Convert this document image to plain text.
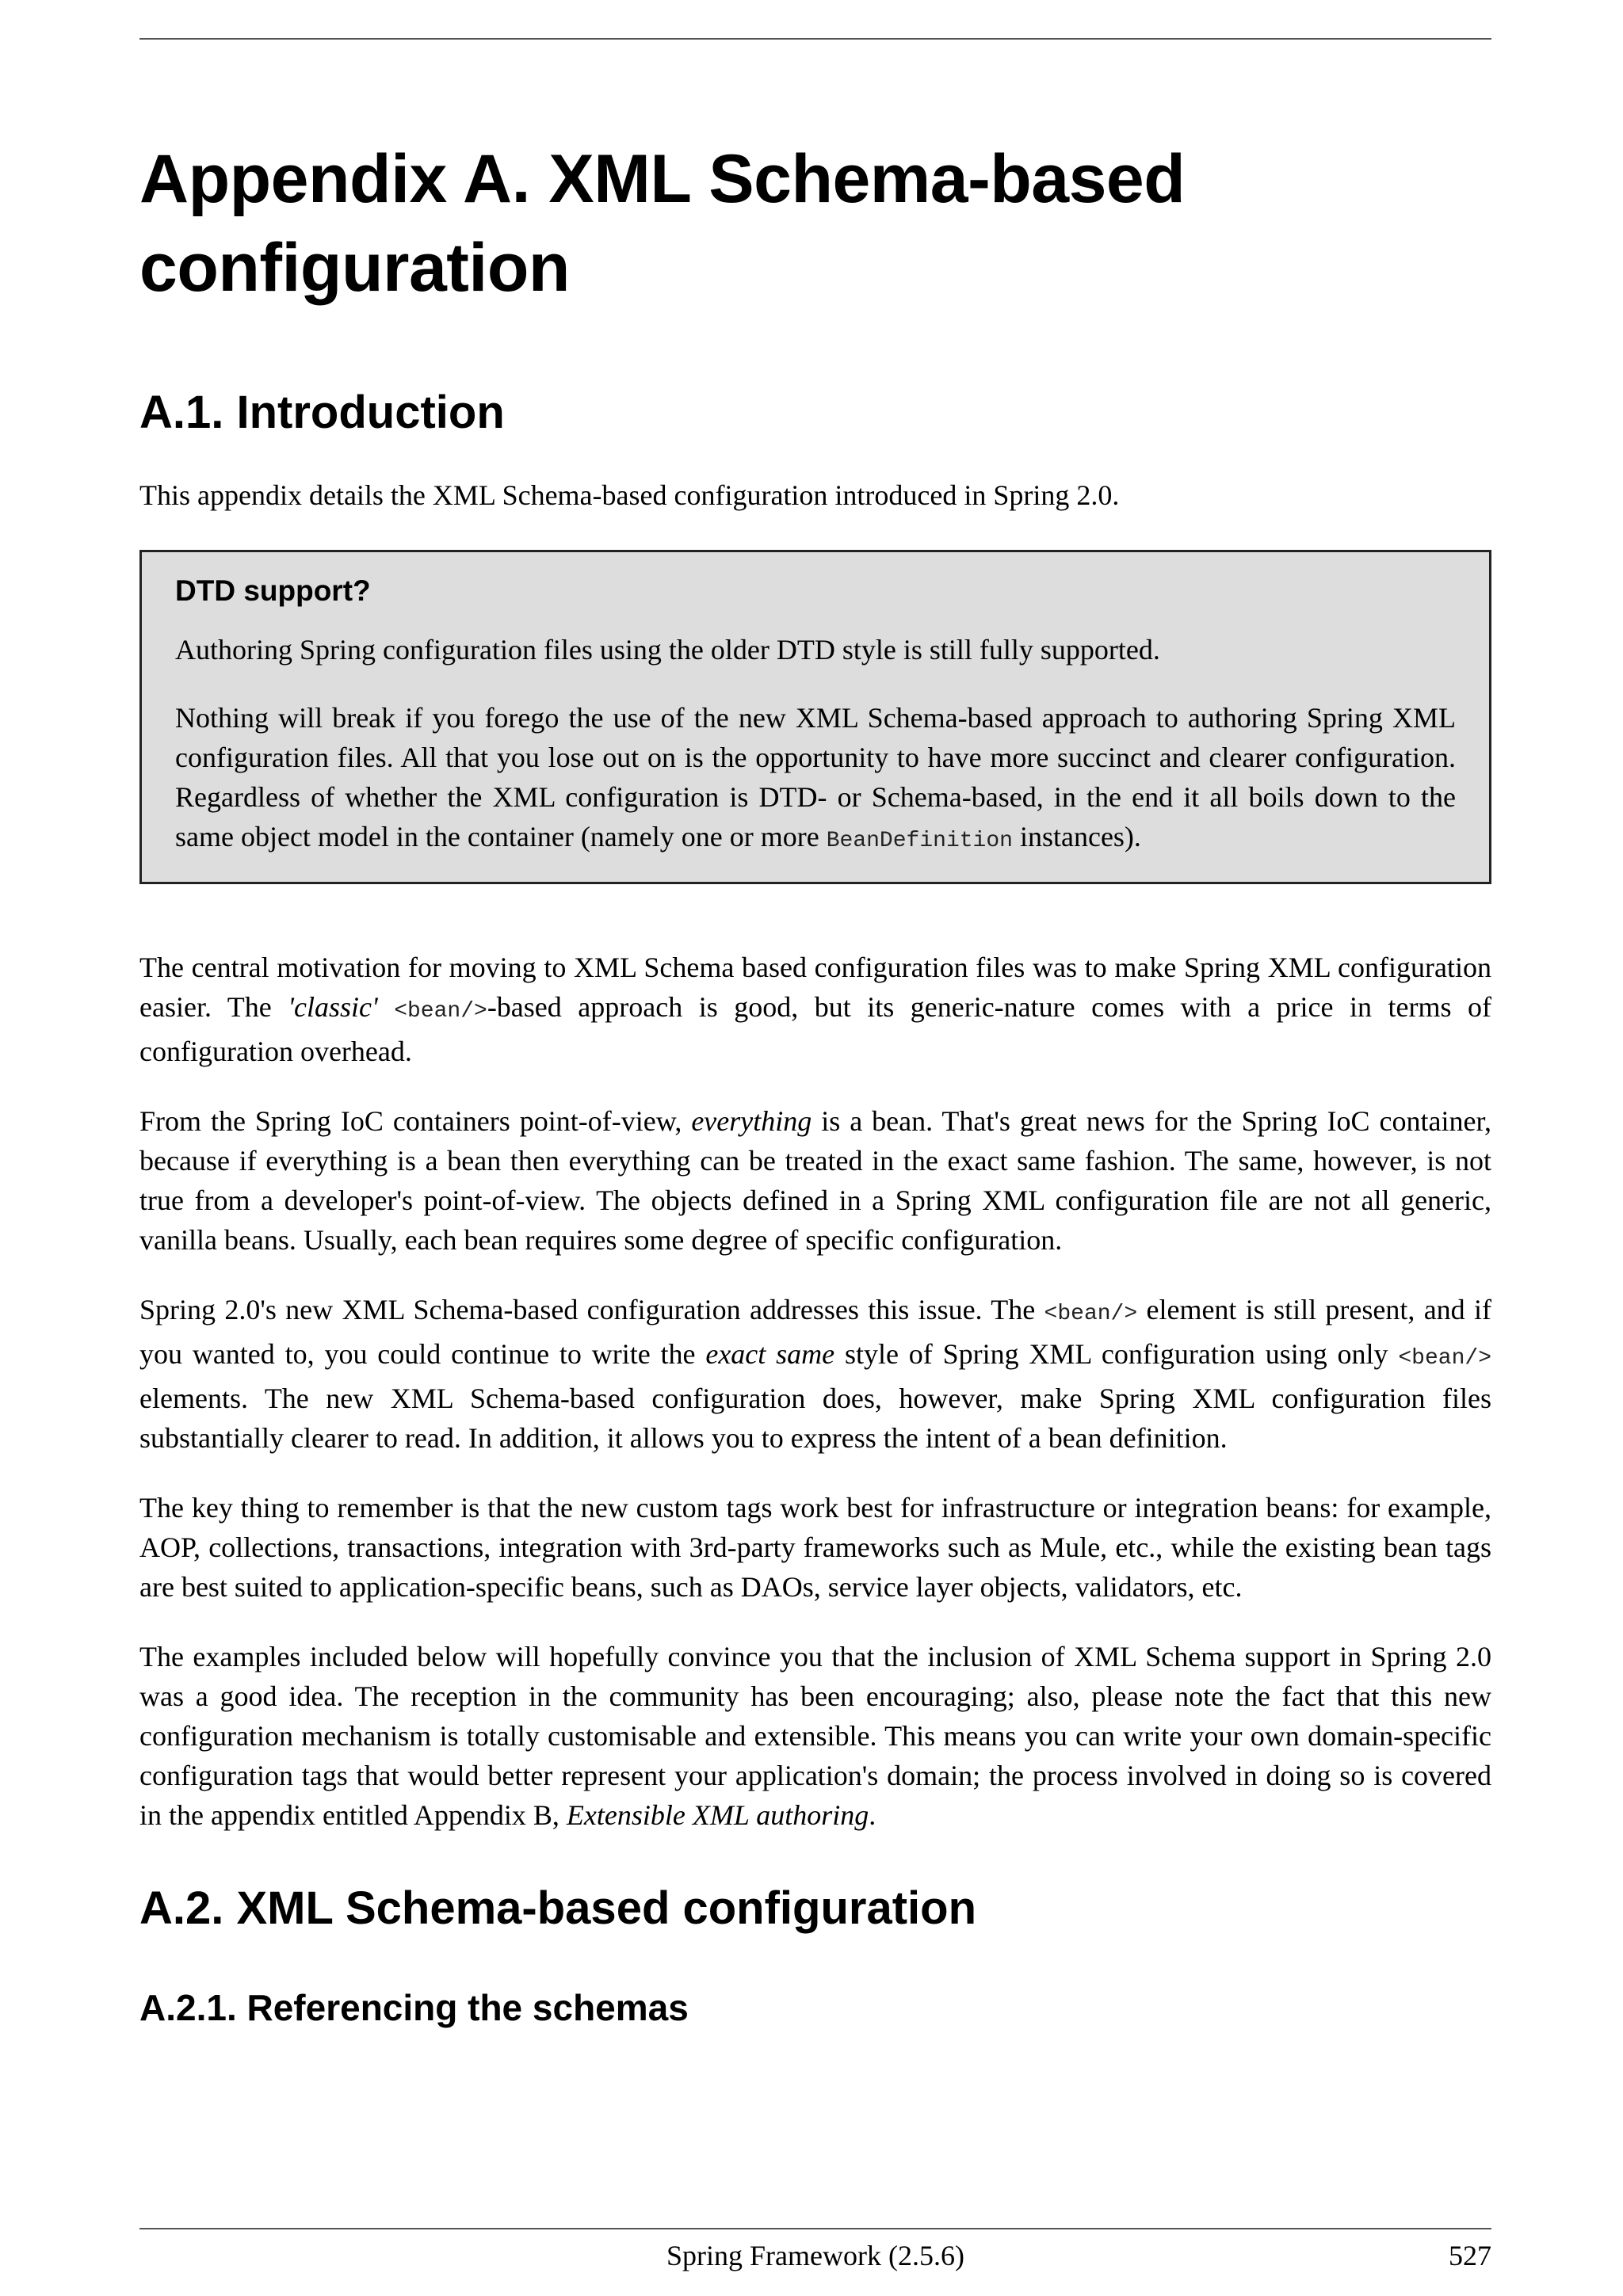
Appendix A. XML Schema-based
configuration
A.1. Introduction

This appendix details the XML Schema-based configuration introduced in Spring 2.0.

DTD support?

Authoring Spring configuration files using the older DTD style is still fully supported.

Nothing will break if you forego the use of the new XML Schema-based approach to authoring Spring XML configuration files. All that you lose out on is the opportunity to have more succinct and clearer configuration. Regardless of whether the XML configuration is DTD- or Schema-based, in the end it all boils down to the same object model in the container (namely one or more BeanDefinition instances).

The central motivation for moving to XML Schema based configuration files was to make Spring XML configuration easier. The 'classic' <bean/>-based approach is good, but its generic-nature comes with a price in terms of configuration overhead.

From the Spring IoC containers point-of-view, everything is a bean. That's great news for the Spring IoC container, because if everything is a bean then everything can be treated in the exact same fashion. The same, however, is not true from a developer's point-of-view. The objects defined in a Spring XML configuration file are not all generic, vanilla beans. Usually, each bean requires some degree of specific configuration.

Spring 2.0's new XML Schema-based configuration addresses this issue. The <bean/> element is still present, and if you wanted to, you could continue to write the exact same style of Spring XML configuration using only <bean/> elements. The new XML Schema-based configuration does, however, make Spring XML configuration files substantially clearer to read. In addition, it allows you to express the intent of a bean definition.

The key thing to remember is that the new custom tags work best for infrastructure or integration beans: for example, AOP, collections, transactions, integration with 3rd-party frameworks such as Mule, etc., while the existing bean tags are best suited to application-specific beans, such as DAOs, service layer objects, validators, etc.

The examples included below will hopefully convince you that the inclusion of XML Schema support in Spring 2.0 was a good idea. The reception in the community has been encouraging; also, please note the fact that this new configuration mechanism is totally customisable and extensible. This means you can write your own domain-specific configuration tags that would better represent your application's domain; the process involved in doing so is covered in the appendix entitled Appendix B, Extensible XML authoring.

A.2. XML Schema-based configuration
A.2.1. Referencing the schemas
Spring Framework (2.5.6)	527
